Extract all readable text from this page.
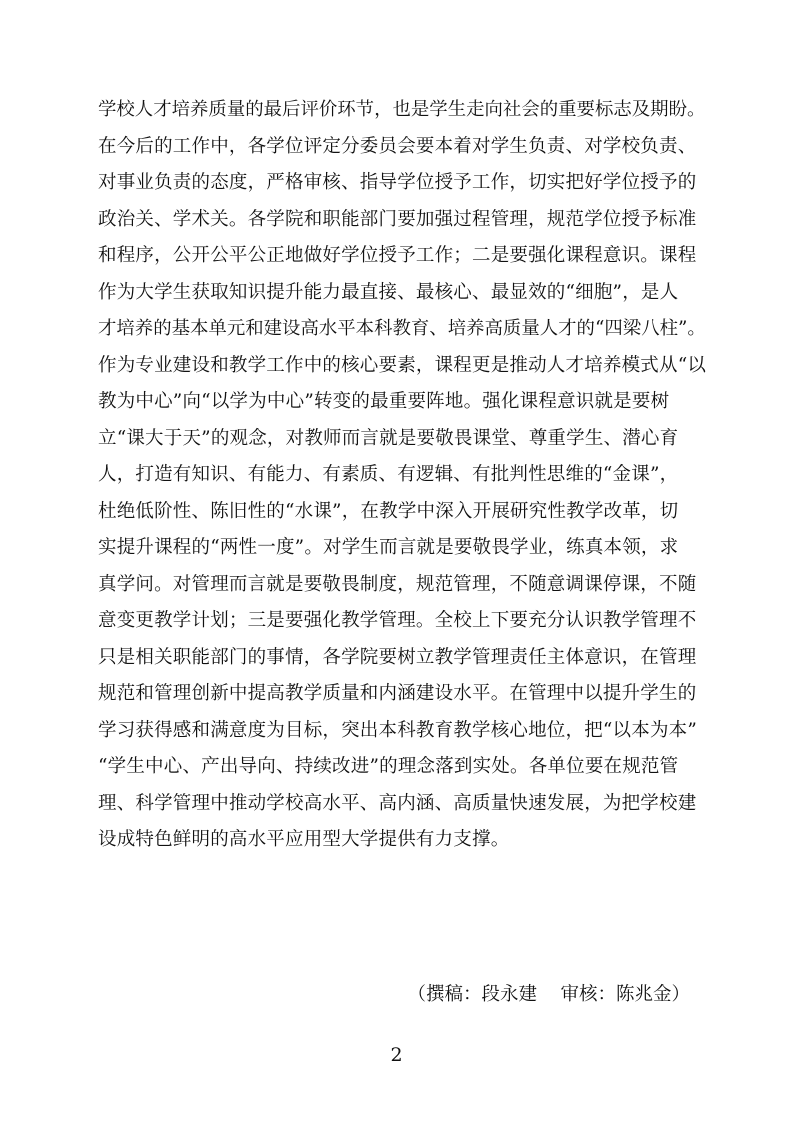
学校人才培养质量的最后评价环节，也是学生走向社会的重要标志及期盼。
在今后的工作中，各学位评定分委员会要本着对学生负责、对学校负责、
对事业负责的态度，严格审核、指导学位授予工作，切实把好学位授予的
政治关、学术关。各学院和职能部门要加强过程管理，规范学位授予标准
和程序，公开公平公正地做好学位授予工作；二是要强化课程意识。课程
作为大学生获取知识提升能力最直接、最核心、最显效的“细胞”，是人
才培养的基本单元和建设高水平本科教育、培养高质量人才的“四梁八柱”。
作为专业建设和教学工作中的核心要素，课程更是推动人才培养模式从“以
教为中心”向“以学为中心”转变的最重要阵地。强化课程意识就是要树
立“课大于天”的观念，对教师而言就是要敬畏课堂、尊重学生、潜心育
人，打造有知识、有能力、有素质、有逻辑、有批判性思维的“金课”，
杜绝低阶性、陈旧性的“水课”，在教学中深入开展研究性教学改革，切
实提升课程的“两性一度”。对学生而言就是要敬畏学业，练真本领，求
真学问。对管理而言就是要敬畏制度，规范管理，不随意调课停课，不随
意变更教学计划；三是要强化教学管理。全校上下要充分认识教学管理不
只是相关职能部门的事情，各学院要树立教学管理责任主体意识，在管理
规范和管理创新中提高教学质量和内涵建设水平。在管理中以提升学生的
学习获得感和满意度为目标，突出本科教育教学核心地位，把“以本为本”
“学生中心、产出导向、持续改进”的理念落到实处。各单位要在规范管
理、科学管理中推动学校高水平、高内涵、高质量快速发展，为把学校建
设成特色鲜明的高水平应用型大学提供有力支撑。
（撰稿：段永建    审核：陈兆金）
2
